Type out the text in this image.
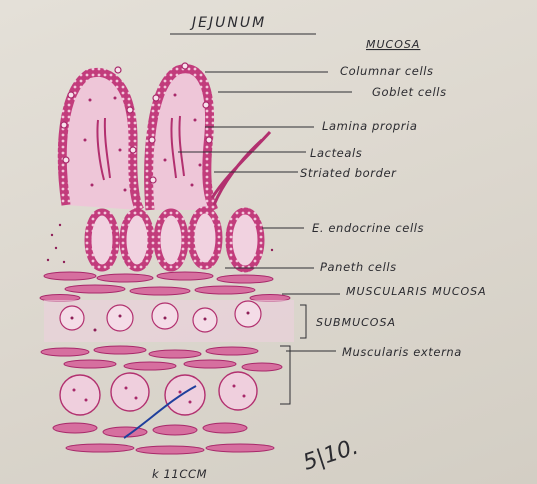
JEJUNUM
MUCOSA
Columnar cells
Goblet cells
Lamina propria
Lacteals
Striated border
E. endocrine cells
Paneth cells
MUSCULARIS MUCOSA
SUBMUCOSA
Muscularis externa
5|10.
k 11CCM
